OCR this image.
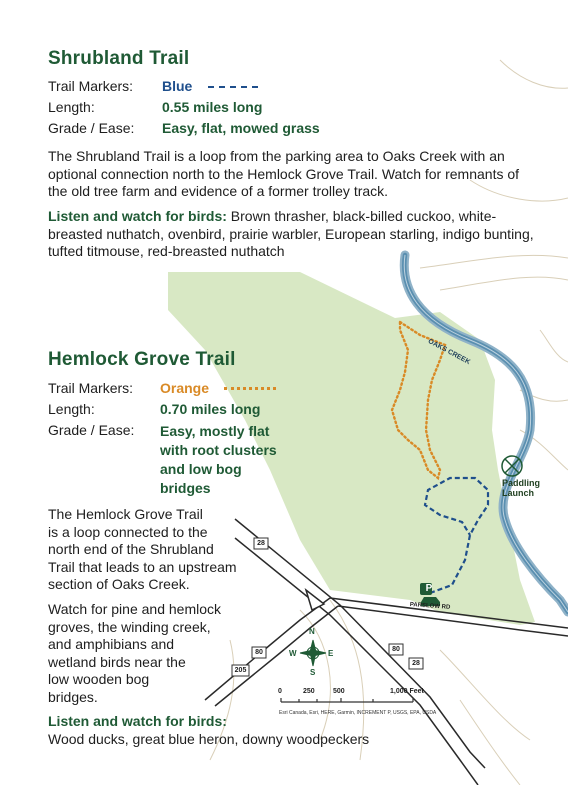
Shrubland Trail
Trail Markers: Blue
Length:	0.55 miles long
Grade / Ease: Easy, flat, mowed grass
The Shrubland Trail is a loop from the parking area to Oaks Creek with an optional connection north to the Hemlock Grove Trail. Watch for remnants of the old tree farm and evidence of a former trolley track.
Listen and watch for birds: Brown thrasher, black-billed cuckoo, white-breasted nuthatch, ovenbird, prairie warbler, European starling, indigo bunting, tufted titmouse, red-breasted nuthatch
Hemlock Grove Trail
Trail Markers: Orange
Length:	0.70 miles long
Grade / Ease: Easy, mostly flat
with root clusters
and low bog
bridges
The Hemlock Grove Trail
is a loop connected to the
north end of the Shrubland
Trail that leads to an upstream
section of Oaks Creek.
Watch for pine and hemlock
groves, the winding creek,
and amphibians and
wetland birds near the
low wooden bog
bridges.
Listen and watch for birds:
Wood ducks, great blue heron, downy woodpeckers
OAKS CREEK
Paddling
Launch
PARSLOW RD
P
28
80
205
80
28
N
S
E
W
0	250	500	1,000 Feet
Esri Canada, Esri, HERE, Garmin, INCREMENT P, USGS, EPA, USDA
